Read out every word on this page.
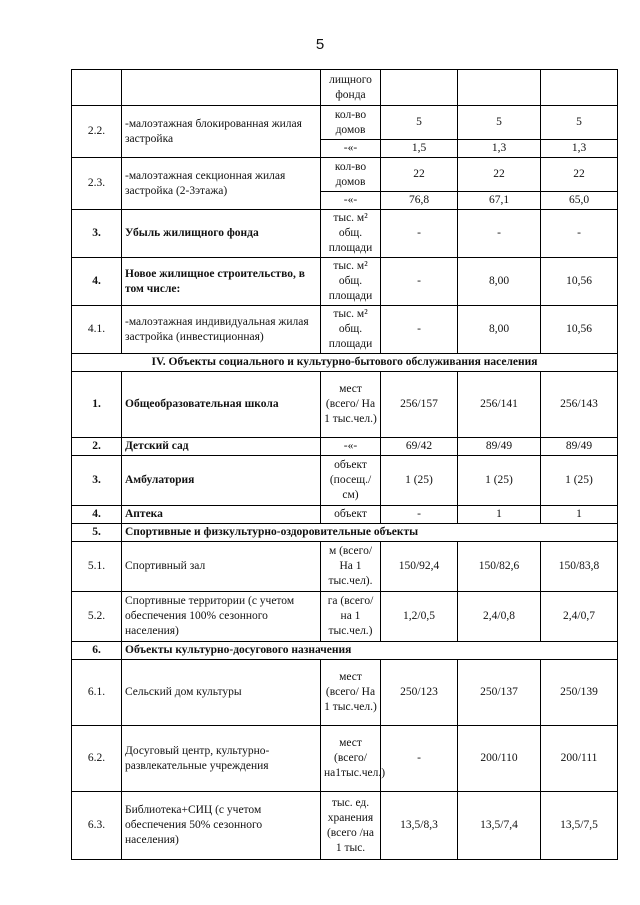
5
		лищного фонда			
2.2.	-малоэтажная блокированная жилая застройка	кол-во домов	5	5	5
		-«-	1,5	1,3	1,3
2.3.	-малоэтажная секционная жилая застройка (2-3этажа)	кол-во домов	22	22	22
		-«-	76,8	67,1	65,0
3.	Убыль жилищного фонда	тыс. м² общ. площади	-	-	-
4.	Новое жилищное строительство, в том числе:	тыс. м² общ. площади	-	8,00	10,56
4.1.	-малоэтажная индивидуальная жилая застройка (инвестиционная)	тыс. м² общ. площади	-	8,00	10,56
IV. Объекты социального и культурно-бытового обслуживания населения					
1.	Общеобразовательная школа	мест (всего/ На 1 тыс.чел.)	256/157	256/141	256/143
2.	Детский сад	-«-	69/42	89/49	89/49
3.	Амбулатория	объект (посещ./см)	1 (25)	1 (25)	1 (25)
4.	Аптека	объект	-	1	1
5.	Спортивные и физкультурно-оздоровительные объекты				
5.1.	Спортивный зал	м (всего/ На 1 тыс.чел).	150/92,4	150/82,6	150/83,8
5.2.	Спортивные территории (с учетом обеспечения 100% сезонного населения)	га (всего/ на 1 тыс.чел.)	1,2/0,5	2,4/0,8	2,4/0,7
6.	Объекты культурно-досугового назначения				
6.1.	Сельский дом культуры	мест (всего/ На 1 тыс.чел.)	250/123	250/137	250/139
6.2.	Досуговый центр, культурно-развлекательные учреждения	мест (всего/ на1тыс.чел.)	-	200/110	200/111
6.3.	Библиотека+СИЦ (с учетом обеспечения 50% сезонного населения)	тыс. ед. хранения (всего /на 1 тыс.	13,5/8,3	13,5/7,4	13,5/7,5
